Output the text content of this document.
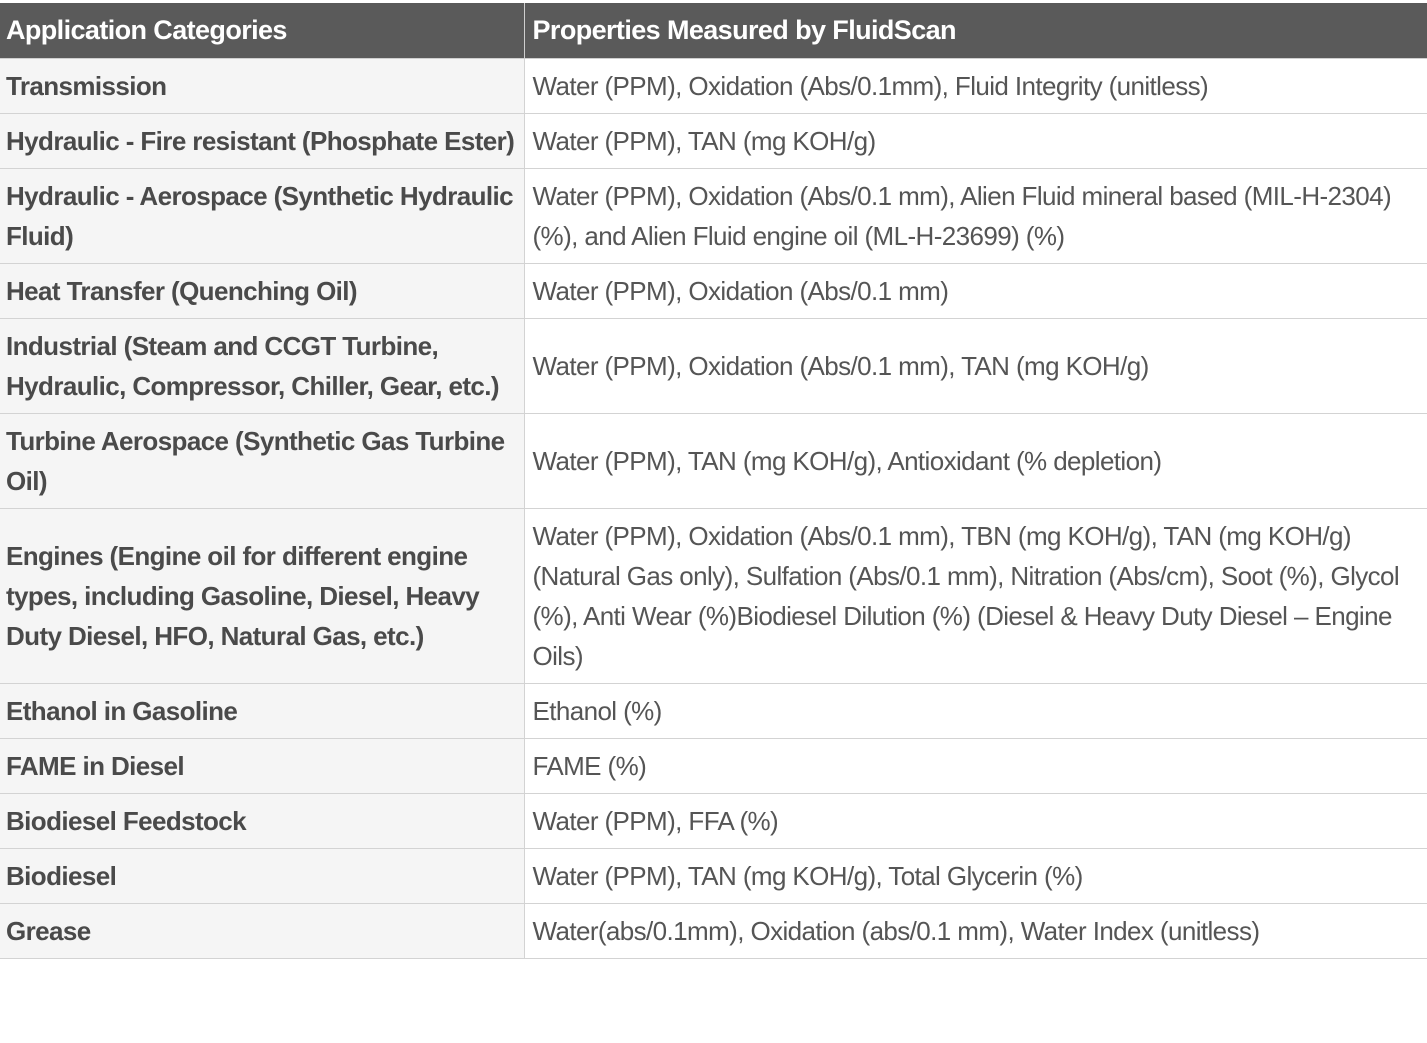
Application Categories	Properties Measured by FluidScan
Transmission	Water (PPM), Oxidation (Abs/0.1mm), Fluid Integrity (unitless)
Hydraulic - Fire resistant (Phosphate Ester)	Water (PPM), TAN (mg KOH/g)
Hydraulic - Aerospace (Synthetic Hydraulic Fluid)	Water (PPM), Oxidation (Abs/0.1 mm), Alien Fluid mineral based (MIL-H-2304) (%), and Alien Fluid engine oil (ML-H-23699) (%)
Heat Transfer (Quenching Oil)	Water (PPM), Oxidation (Abs/0.1 mm)
Industrial (Steam and CCGT Turbine, Hydraulic, Compressor, Chiller, Gear, etc.)	Water (PPM), Oxidation (Abs/0.1 mm), TAN (mg KOH/g)
Turbine Aerospace (Synthetic Gas Turbine Oil)	Water (PPM), TAN (mg KOH/g), Antioxidant (% depletion)
Engines (Engine oil for different engine types, including Gasoline, Diesel, Heavy Duty Diesel, HFO, Natural Gas, etc.)	Water (PPM), Oxidation (Abs/0.1 mm), TBN (mg KOH/g), TAN (mg KOH/g) (Natural Gas only), Sulfation (Abs/0.1 mm), Nitration (Abs/cm), Soot (%), Glycol (%), Anti Wear (%)Biodiesel Dilution (%) (Diesel & Heavy Duty Diesel – Engine Oils)
Ethanol in Gasoline	Ethanol (%)
FAME in Diesel	FAME (%)
Biodiesel Feedstock	Water (PPM), FFA (%)
Biodiesel	Water (PPM), TAN (mg KOH/g), Total Glycerin (%)
Grease	Water(abs/0.1mm), Oxidation (abs/0.1 mm), Water Index (unitless)
